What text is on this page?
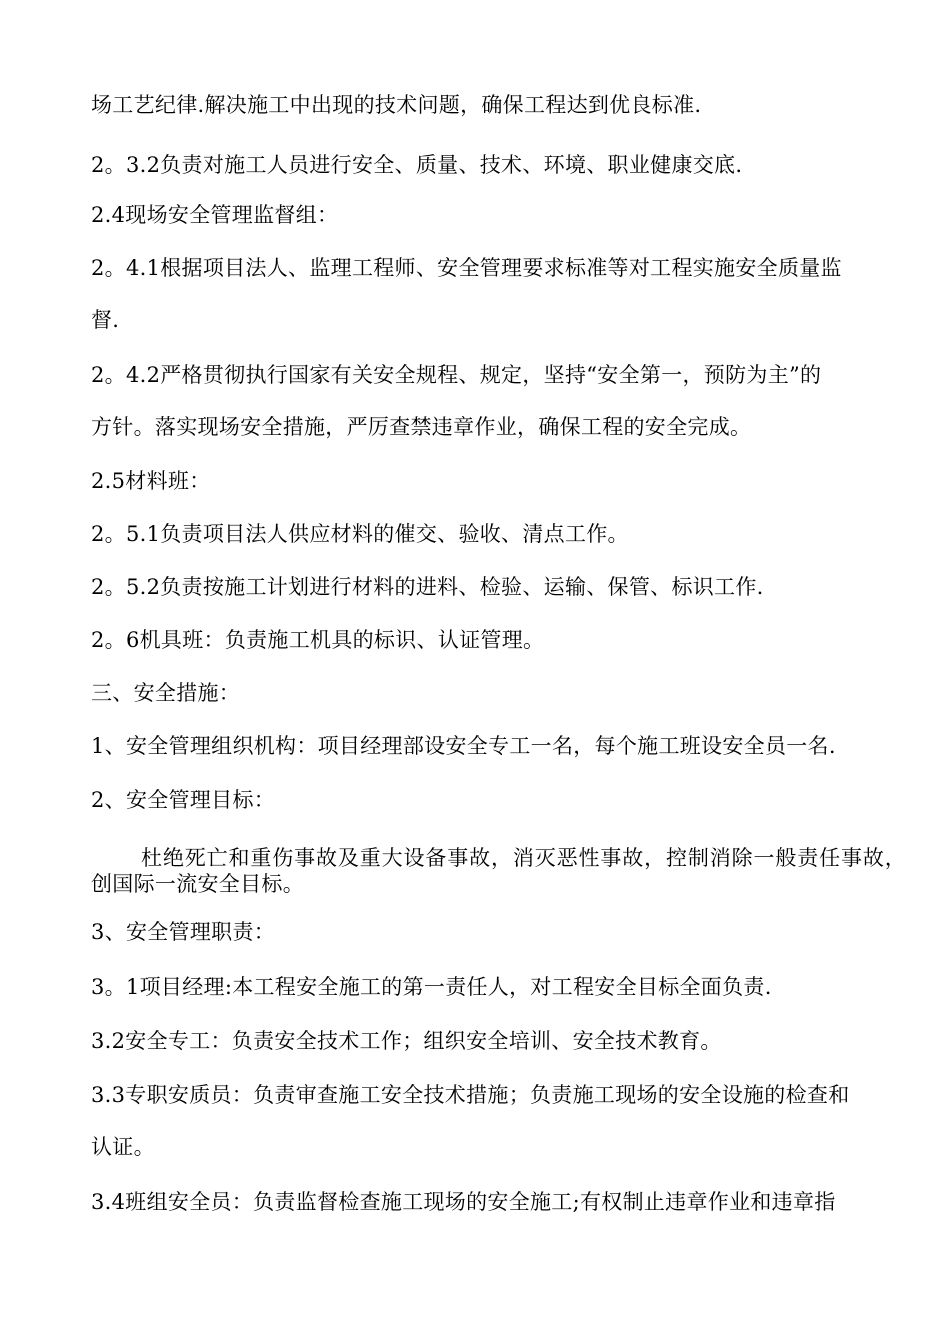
场工艺纪律.解决施工中出现的技术问题，确保工程达到优良标准.
2。3.2负责对施工人员进行安全、质量、技术、环境、职业健康交底.
2.4现场安全管理监督组：
2。4.1根据项目法人、监理工程师、安全管理要求标准等对工程实施安全质量监
督.
2。4.2严格贯彻执行国家有关安全规程、规定，坚持“安全第一，预防为主”的
方针。落实现场安全措施，严厉查禁违章作业，确保工程的安全完成。
2.5材料班：
2。5.1负责项目法人供应材料的催交、验收、清点工作。
2。5.2负责按施工计划进行材料的进料、检验、运输、保管、标识工作.
2。6机具班：负责施工机具的标识、认证管理。
三、安全措施：
1、安全管理组织机构：项目经理部设安全专工一名，每个施工班设安全员一名.
2、安全管理目标：
杜绝死亡和重伤事故及重大设备事故，消灭恶性事故，控制消除一般责任事故，创国际一流安全目标。
3、安全管理职责：
3。1项目经理:本工程安全施工的第一责任人，对工程安全目标全面负责.
3.2安全专工：负责安全技术工作；组织安全培训、安全技术教育。
3.3专职安质员：负责审查施工安全技术措施；负责施工现场的安全设施的检查和
认证。
3.4班组安全员：负责监督检查施工现场的安全施工;有权制止违章作业和违章指
